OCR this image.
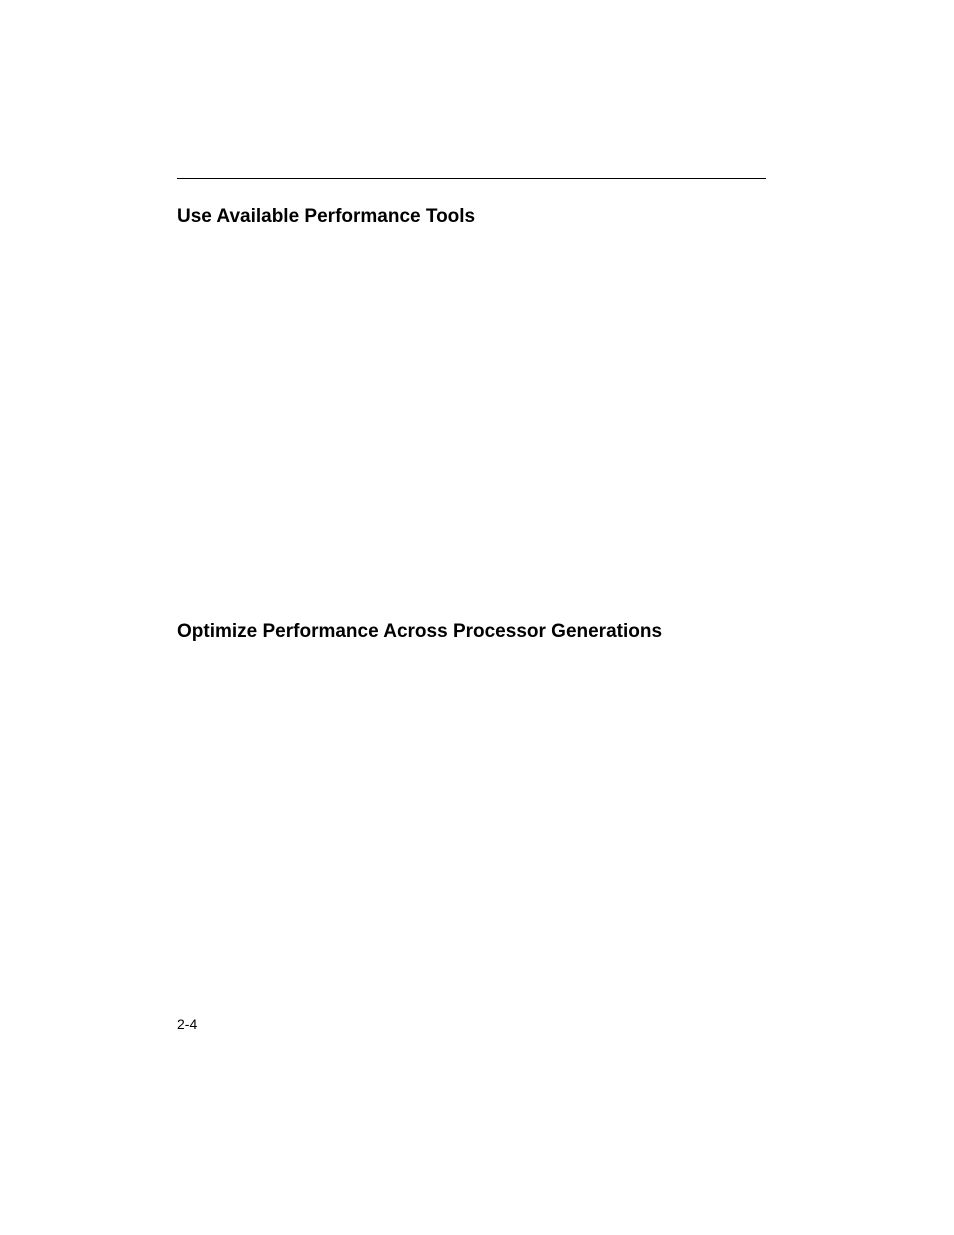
Use Available Performance Tools
Optimize Performance Across Processor Generations
2-4
